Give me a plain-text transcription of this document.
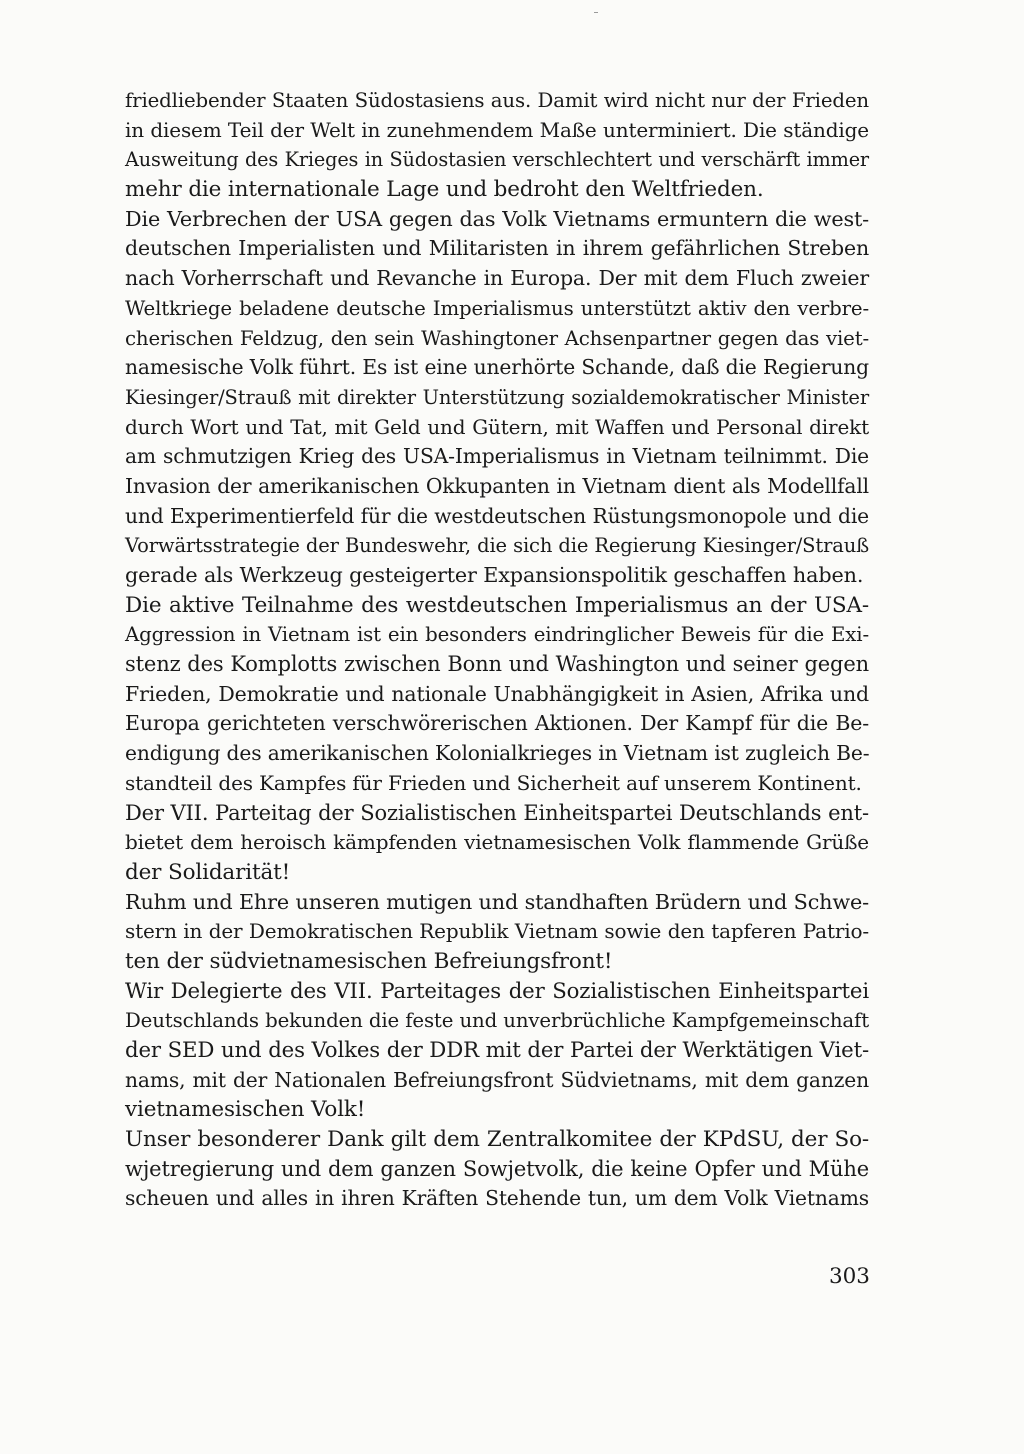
friedliebender Staaten Südostasiens aus. Damit wird nicht nur der Frieden
in diesem Teil der Welt in zunehmendem Maße unterminiert. Die ständige
Ausweitung des Krieges in Südostasien verschlechtert und verschärft immer
mehr die internationale Lage und bedroht den Weltfrieden.
Die Verbrechen der USA gegen das Volk Vietnams ermuntern die west-
deutschen Imperialisten und Militaristen in ihrem gefährlichen Streben
nach Vorherrschaft und Revanche in Europa. Der mit dem Fluch zweier
Weltkriege beladene deutsche Imperialismus unterstützt aktiv den verbre-
cherischen Feldzug, den sein Washingtoner Achsenpartner gegen das viet-
namesische Volk führt. Es ist eine unerhörte Schande, daß die Regierung
Kiesinger/Strauß mit direkter Unterstützung sozialdemokratischer Minister
durch Wort und Tat, mit Geld und Gütern, mit Waffen und Personal direkt
am schmutzigen Krieg des USA-Imperialismus in Vietnam teilnimmt. Die
Invasion der amerikanischen Okkupanten in Vietnam dient als Modellfall
und Experimentierfeld für die westdeutschen Rüstungsmonopole und die
Vorwärtsstrategie der Bundeswehr, die sich die Regierung Kiesinger/Strauß
gerade als Werkzeug gesteigerter Expansionspolitik geschaffen haben.
Die aktive Teilnahme des westdeutschen Imperialismus an der USA-
Aggression in Vietnam ist ein besonders eindringlicher Beweis für die Exi-
stenz des Komplotts zwischen Bonn und Washington und seiner gegen
Frieden, Demokratie und nationale Unabhängigkeit in Asien, Afrika und
Europa gerichteten verschwörerischen Aktionen. Der Kampf für die Be-
endigung des amerikanischen Kolonialkrieges in Vietnam ist zugleich Be-
standteil des Kampfes für Frieden und Sicherheit auf unserem Kontinent.
Der VII. Parteitag der Sozialistischen Einheitspartei Deutschlands ent-
bietet dem heroisch kämpfenden vietnamesischen Volk flammende Grüße
der Solidarität!
Ruhm und Ehre unseren mutigen und standhaften Brüdern und Schwe-
stern in der Demokratischen Republik Vietnam sowie den tapferen Patrio-
ten der südvietnamesischen Befreiungsfront!
Wir Delegierte des VII. Parteitages der Sozialistischen Einheitspartei
Deutschlands bekunden die feste und unverbrüchliche Kampfgemeinschaft
der SED und des Volkes der DDR mit der Partei der Werktätigen Viet-
nams, mit der Nationalen Befreiungsfront Südvietnams, mit dem ganzen
vietnamesischen Volk!
Unser besonderer Dank gilt dem Zentralkomitee der KPdSU, der So-
wjetregierung und dem ganzen Sowjetvolk, die keine Opfer und Mühe
scheuen und alles in ihren Kräften Stehende tun, um dem Volk Vietnams
303
